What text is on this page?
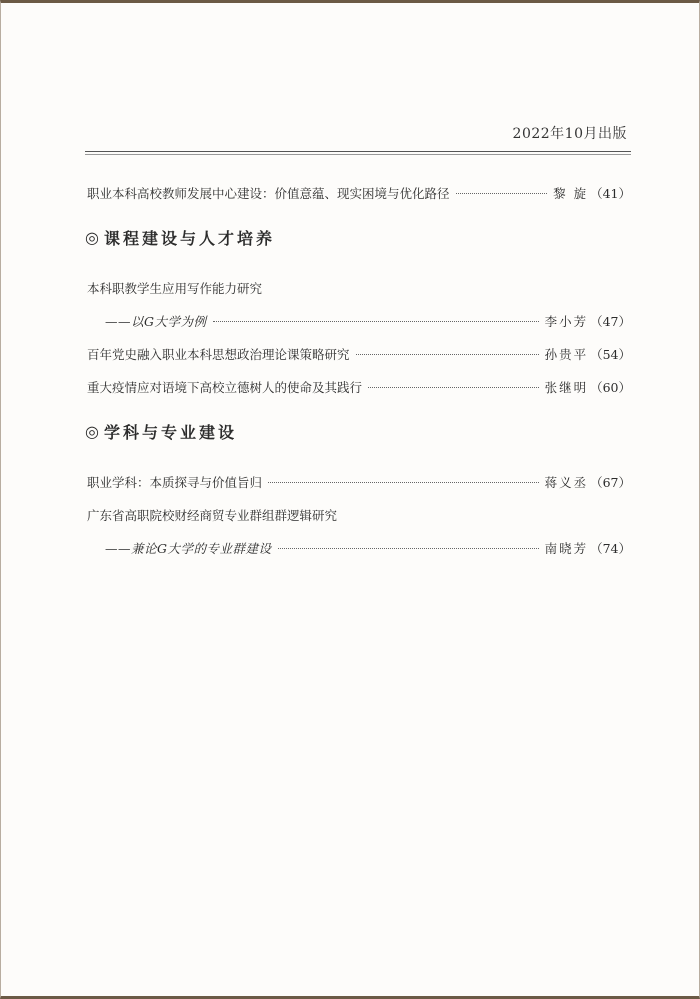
2022年10月出版
职业本科高校教师发展中心建设：价值意蕴、现实困境与优化路径	黎 旋 （41）
◎ 课程建设与人才培养
本科职教学生应用写作能力研究
——以G大学为例	李小芳 （47）
百年党史融入职业本科思想政治理论课策略研究	孙贵平 （54）
重大疫情应对语境下高校立德树人的使命及其践行	张继明 （60）
◎ 学科与专业建设
职业学科：本质探寻与价值旨归	蒋义丞 （67）
广东省高职院校财经商贸专业群组群逻辑研究
——兼论G大学的专业群建设	南晓芳 （74）
